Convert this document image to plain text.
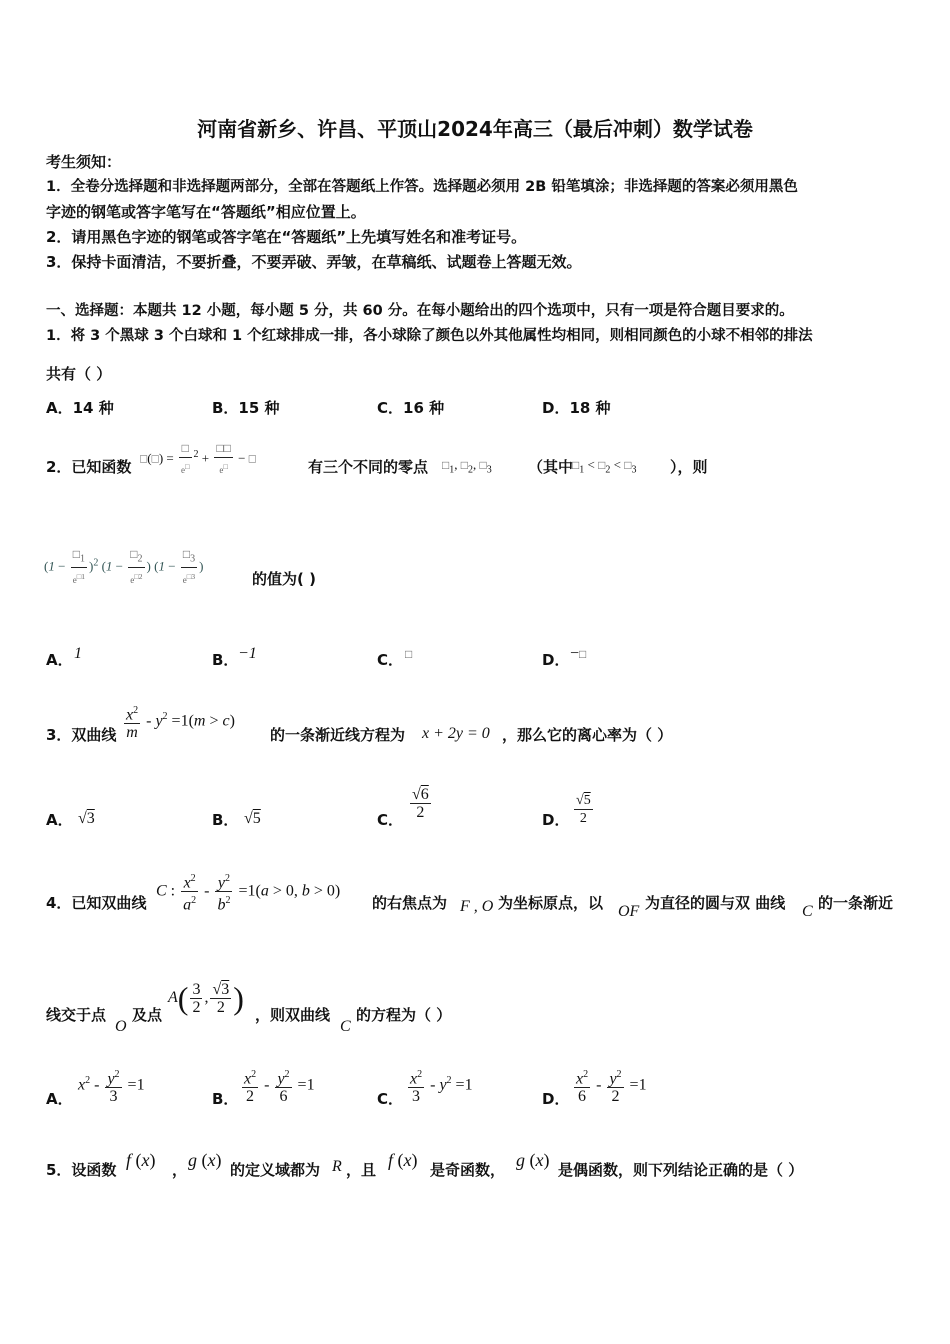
河南省新乡、许昌、平顶山2024年高三（最后冲刺）数学试卷
考生须知：
1．全卷分选择题和非选择题两部分，全部在答题纸上作答。选择题必须用 2B 铅笔填涂；非选择题的答案必须用黑色
字迹的钢笔或答字笔写在“答题纸”相应位置上。
2．请用黑色字迹的钢笔或答字笔在“答题纸”上先填写姓名和准考证号。
3．保持卡面清洁，不要折叠，不要弄破、弄皱，在草稿纸、试题卷上答题无效。
一、选择题：本题共 12 小题，每小题 5 分，共 60 分。在每小题给出的四个选项中，只有一项是符合题目要求的。
1．将 3 个黑球 3 个白球和 1 个红球排成一排，各小球除了颜色以外其他属性均相同，则相同颜色的小球不相邻的排法
共有（ ）
A．14 种	B．15 种	C．16 种	D．18 种
2．已知函数 □(□) = $\frac{□}{e^□} ^2 + \frac{□□}{e^□}$ − □	有三个不同的零点 $□_1$, $□_2$, $□_3$ （其中
$□_1$ < $□_2$ < $□_3$ ），则
$(1 - \frac{□_1}{e^{□1}} )^2$ ($1 - \frac{□_2}{e^{□2}}$ ) ($1 - \frac{□_3}{e^{□3}}$ )
的值为( )
A． 1	B． −1	C． □	D． −□
3．双曲线 $\frac{x^2}{m} - y^2 =1(m > c)$
的一条渐近线方程为 x + 2y = 0 ，那么它的离心率为（ ）
A． √3	B． √5	C． $\frac{√6}{2}$	D． $\frac{√5}{2}$
4．已知双曲线
C : $\frac{x^2}{a^2} - \frac{y^2}{b^2} =1(a > 0$, b > 0)
的右焦点为 F , O 为坐标原点，以 OF 为直径的圆与双 曲线 C 的一条渐近
线交于点
O
及点
$A( \frac{3}{2}$ , $\frac{√3}{2}$ ) ，则双曲线
C
的方程为（ ）
A．
$x^2 - \frac{y^2}{3} =1$
B． $\frac{x^2}{2} - \frac{y^2}{6} =1$
C． $\frac{x^2}{3} - y^2 =1$
D． $\frac{x^2}{6} - \frac{y^2}{2} =1$
5．设函数 f (x) ， g (x) 的定义域都为 R ，且 f (x) 是奇函数， g (x) 是偶函数，则下列结论正确的是（ ）
